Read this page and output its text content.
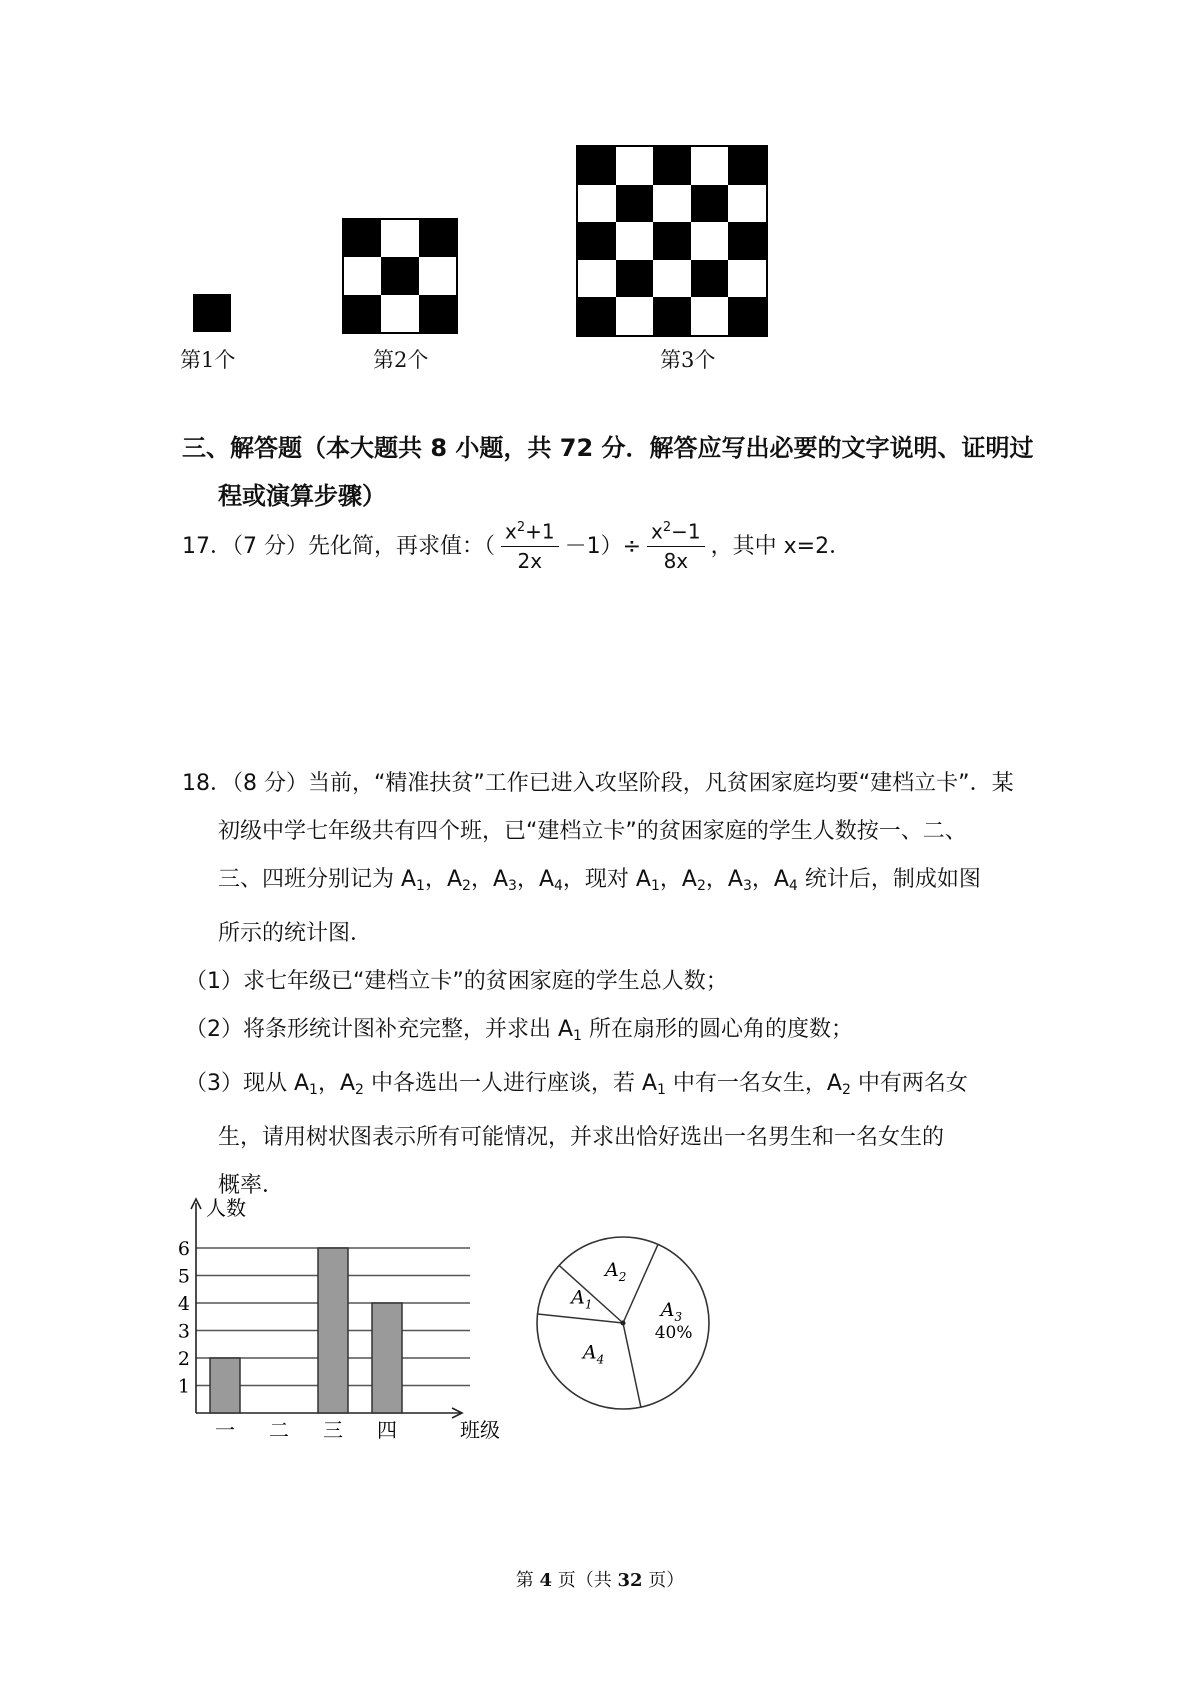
第1个	第2个	第3个
三、解答题（本大题共 8 小题，共 72 分．解答应写出必要的文字说明、证明过
程或演算步骤）
17．（7 分）先化简，再求值：（ $\frac{x^2+1}{2x} -1)\div \frac{x^2-1}{8x}$ ，其中 x=2．
18．（8 分）当前，“精准扶贫”工作已进入攻坚阶段，凡贫困家庭均要“建档立卡”．某
初级中学七年级共有四个班，已“建档立卡”的贫困家庭的学生人数按一、二、
三、四班分别记为 $A_1$，$A_2$，$A_3$，$A_4$，现对 $A_1$，$A_2$，$A_3$，$A_4$ 统计后，制成如图
所示的统计图．
（1）求七年级已“建档立卡”的贫困家庭的学生总人数；
（2）将条形统计图补充完整，并求出 $A_1$ 所在扇形的圆心角的度数；
（3）现从 $A_1$，$A_2$ 中各选出一人进行座谈，若 $A_1$ 中有一名女生，$A_2$ 中有两名女
生，请用树状图表示所有可能情况，并求出恰好选出一名男生和一名女生的
概率．
1
2
3
4
5
6
人数
班级
一 二 三 四
$A_3$
40%
$A_4$
$A_1$
$A_2$
第 4 页（共 32 页）
